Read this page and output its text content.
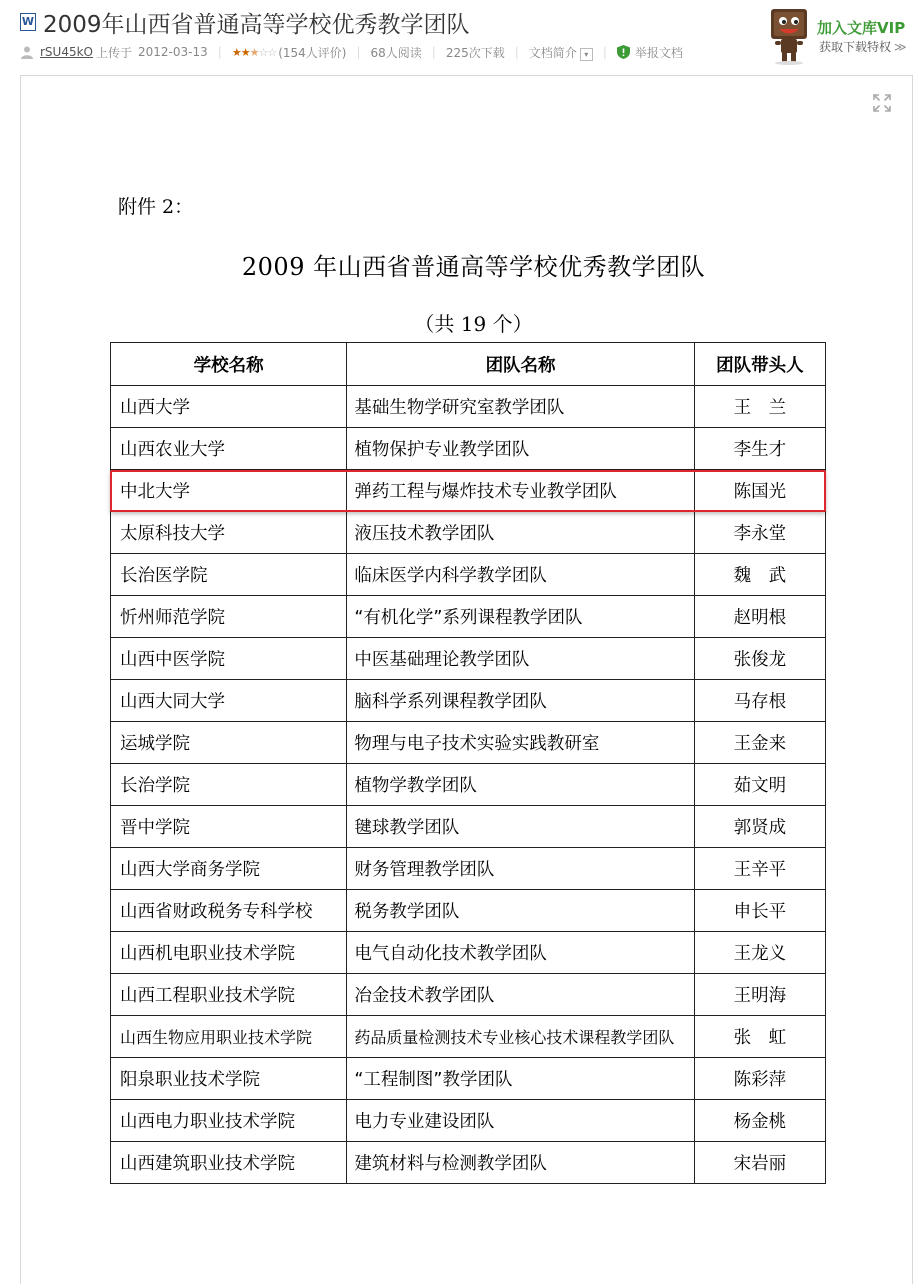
W 2009年山西省普通高等学校优秀教学团队
rSU45kO 上传于 2012-03-13 | ★★★☆☆ (154人评价) | 68人阅读 | 225次下载 | 文档简介 ▾	| 举报文档
加入文库VIP
获取下载特权 ≫
附件 2：
2009 年山西省普通高等学校优秀教学团队
（共 19 个）
学校名称	团队名称	团队带头人
山西大学	基础生物学研究室教学团队	王　兰
山西农业大学	植物保护专业教学团队	李生才
中北大学	弹药工程与爆炸技术专业教学团队	陈国光
太原科技大学	液压技术教学团队	李永堂
长治医学院	临床医学内科学教学团队	魏　武
忻州师范学院	“有机化学”系列课程教学团队	赵明根
山西中医学院	中医基础理论教学团队	张俊龙
山西大同大学	脑科学系列课程教学团队	马存根
运城学院	物理与电子技术实验实践教研室	王金来
长治学院	植物学教学团队	茹文明
晋中学院	毽球教学团队	郭贤成
山西大学商务学院	财务管理教学团队	王辛平
山西省财政税务专科学校	税务教学团队	申长平
山西机电职业技术学院	电气自动化技术教学团队	王龙义
山西工程职业技术学院	冶金技术教学团队	王明海
山西生物应用职业技术学院	药品质量检测技术专业核心技术课程教学团队	张　虹
阳泉职业技术学院	“工程制图”教学团队	陈彩萍
山西电力职业技术学院	电力专业建设团队	杨金桃
山西建筑职业技术学院	建筑材料与检测教学团队	宋岩丽
